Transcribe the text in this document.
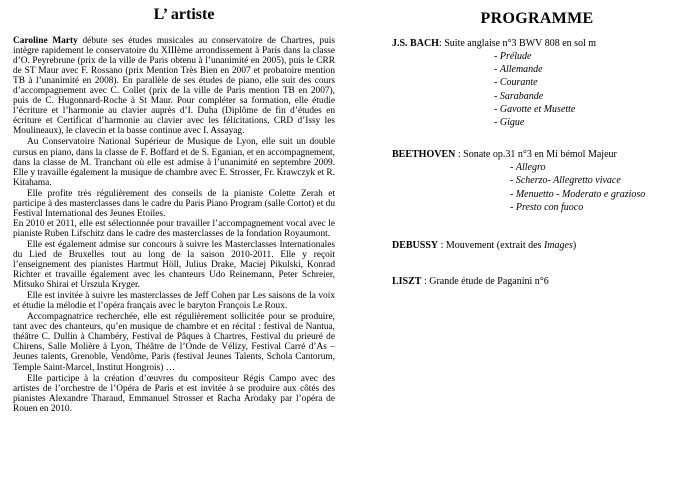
L’ artiste

Caroline Marty débute ses études musicales au conservatoire de Chartres, puis intègre rapidement le conservatoire du XIIIème arrondissement à Paris dans la classe d’O. Peyrebrune (prix de la ville de Paris obtenu à l’unanimité en 2005), puis le CRR de ST Maur avec F. Rossano (prix Mention Très Bien en 2007 et probatoire mention TB à l’unanimité en 2008). En parallèle de ses études de piano, elle suit des cours d’accompagnement avec C. Collet (prix de la ville de Paris mention TB en 2007), puis de C. Hugonnard-Roche à St Maur. Pour compléter sa formation, elle étudie l’écriture et l’harmonie au clavier auprès d’I. Duha (Diplôme de fin d’études en écriture et Certificat d’harmonie au clavier avec les félicitations, CRD d’Issy les Moulineaux), le clavecin et la basse continue avec I. Assayag.

Au Conservatoire National Supérieur de Musique de Lyon, elle suit un double cursus en piano, dans la classe de F. Boffard et de S. Eganian, et en accompagnement, dans la classe de M. Tranchant où elle est admise à l’unanimité en septembre 2009. Elle y travaille également la musique de chambre avec E. Strosser, Fr. Krawczyk et R. Kitahama.

Elle profite très régulièrement des conseils de la pianiste Colette Zerah et participe à des masterclasses dans le cadre du Paris Piano Program (salle Cortot) et du Festival International des Jeunes Etoiles.

En 2010 et 2011, elle est sélectionnée pour travailler l’accompagnement vocal avec le pianiste Ruben Lifschitz dans le cadre des masterclasses de la fondation Royaumont.

Elle est également admise sur concours à suivre les Masterclasses Internationales du Lied de Bruxelles tout au long de la saison 2010-2011. Elle y reçoit l’enseignement des pianistes Hartmut Höll, Julius Drake, Maciej Pikulski, Konrad Richter et travaille également avec les chanteurs Udo Reinemann, Peter Schreier, Mitsuko Shirai et Urszula Kryger.

Elle est invitée à suivre les masterclasses de Jeff Cohen par Les saisons de la voix et étudie la mélodie et l’opéra français avec le baryton François Le Roux.

Accompagnatrice recherchée, elle est régulièrement sollicitée pour se produire, tant avec des chanteurs, qu’en musique de chambre et en récital : festival de Nantua, théâtre C. Dullin à Chambéry, Festival de Pâques à Chartres, Festival du prieuré de Chirens, Salle Molière à Lyon, Théâtre de l’Onde de Vélizy, Festival Carré d’As – Jeunes talents, Grenoble, Vendôme, Paris (festival Jeunes Talents, Schola Cantorum, Temple Saint-Marcel, Institut Hongrois) …

Elle participe à la création d’œuvres du compositeur Régis Campo avec des artistes de l’orchestre de l’Opéra de Paris et est invitée à se produire aux côtés des pianistes Alexandre Tharaud, Emmanuel Strosser et Racha Arodaky par l’opéra de Rouen en 2010.

PROGRAMME

J.S. BACH: Suite anglaise n°3 BWV 808 en sol m

- Prélude
- Allemande
- Courante
- Sarabande
- Gavotte et Musette
- Gigue

BEETHOVEN : Sonate op.31 n°3 en Mi bémol Majeur

- Allegro
- Scherzo- Allegretto vivace
- Menuetto - Moderato e grazioso
- Presto con fuoco

DEBUSSY : Mouvement (extrait des Images)

LISZT : Grande étude de Paganini n°6
